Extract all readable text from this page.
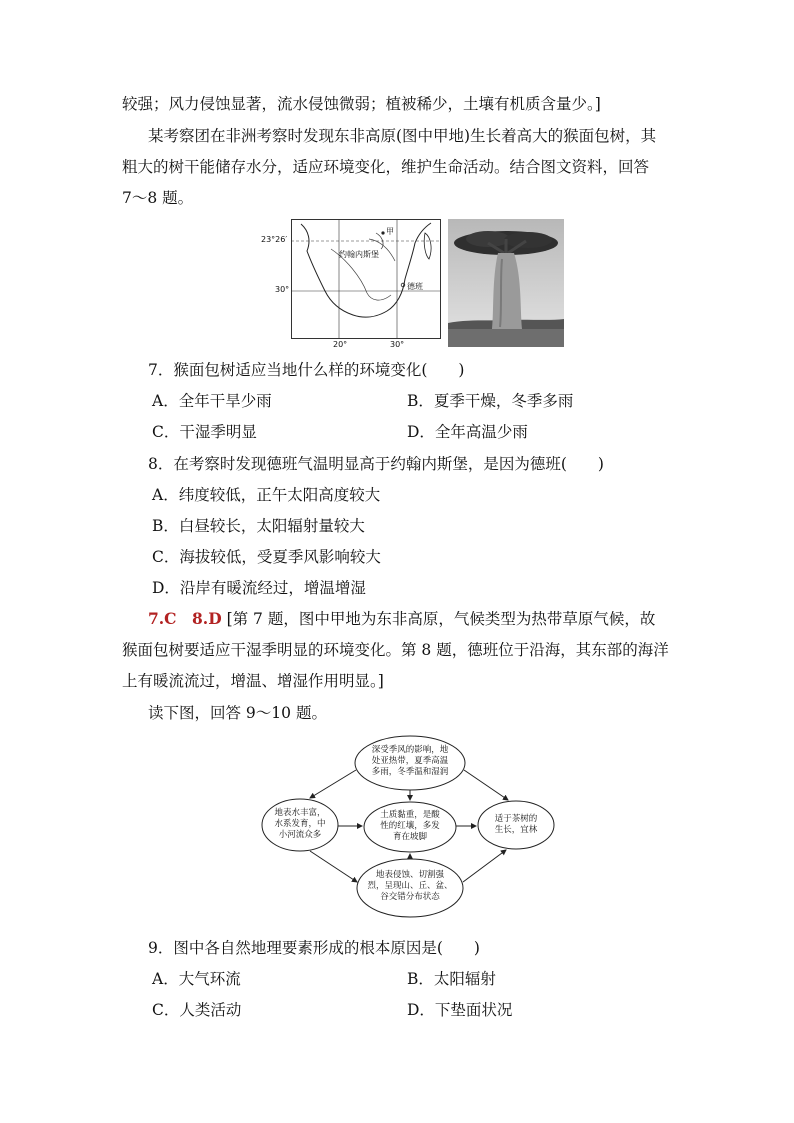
较强；风力侵蚀显著，流水侵蚀微弱；植被稀少，土壤有机质含量少。]
某考察团在非洲考察时发现东非高原(图中甲地)生长着高大的猴面包树，其
粗大的树干能储存水分，适应环境变化，维护生命活动。结合图文资料，回答
7～8 题。
23°26′
30°
20°	30°
甲
约翰内斯堡
德班
7．猴面包树适应当地什么样的环境变化(　　)
A．全年干旱少雨	B．夏季干燥，冬季多雨
C．干湿季明显	D．全年高温少雨
8．在考察时发现德班气温明显高于约翰内斯堡，是因为德班(　　)
A．纬度较低，正午太阳高度较大
B．白昼较长，太阳辐射量较大
C．海拔较低，受夏季风影响较大
D．沿岸有暖流经过，增温增湿
7.C　8.D [第 7 题，图中甲地为东非高原，气候类型为热带草原气候，故
猴面包树要适应干湿季明显的环境变化。第 8 题，德班位于沿海，其东部的海洋
上有暖流流过，增温、增湿作用明显。]
读下图，回答 9～10 题。
深受季风的影响，地
处亚热带，夏季高温
多雨，冬季温和湿润
地表水丰富，
水系发育，中
小河流众多
土质黏重，是酸
性的红壤，多发
育在坡脚
适于茶树的
生长，宜林
地表侵蚀、切割强
烈，呈现山、丘、盆、
谷交错分布状态
9．图中各自然地理要素形成的根本原因是(　　)
A．大气环流	B．太阳辐射
C．人类活动	D．下垫面状况
